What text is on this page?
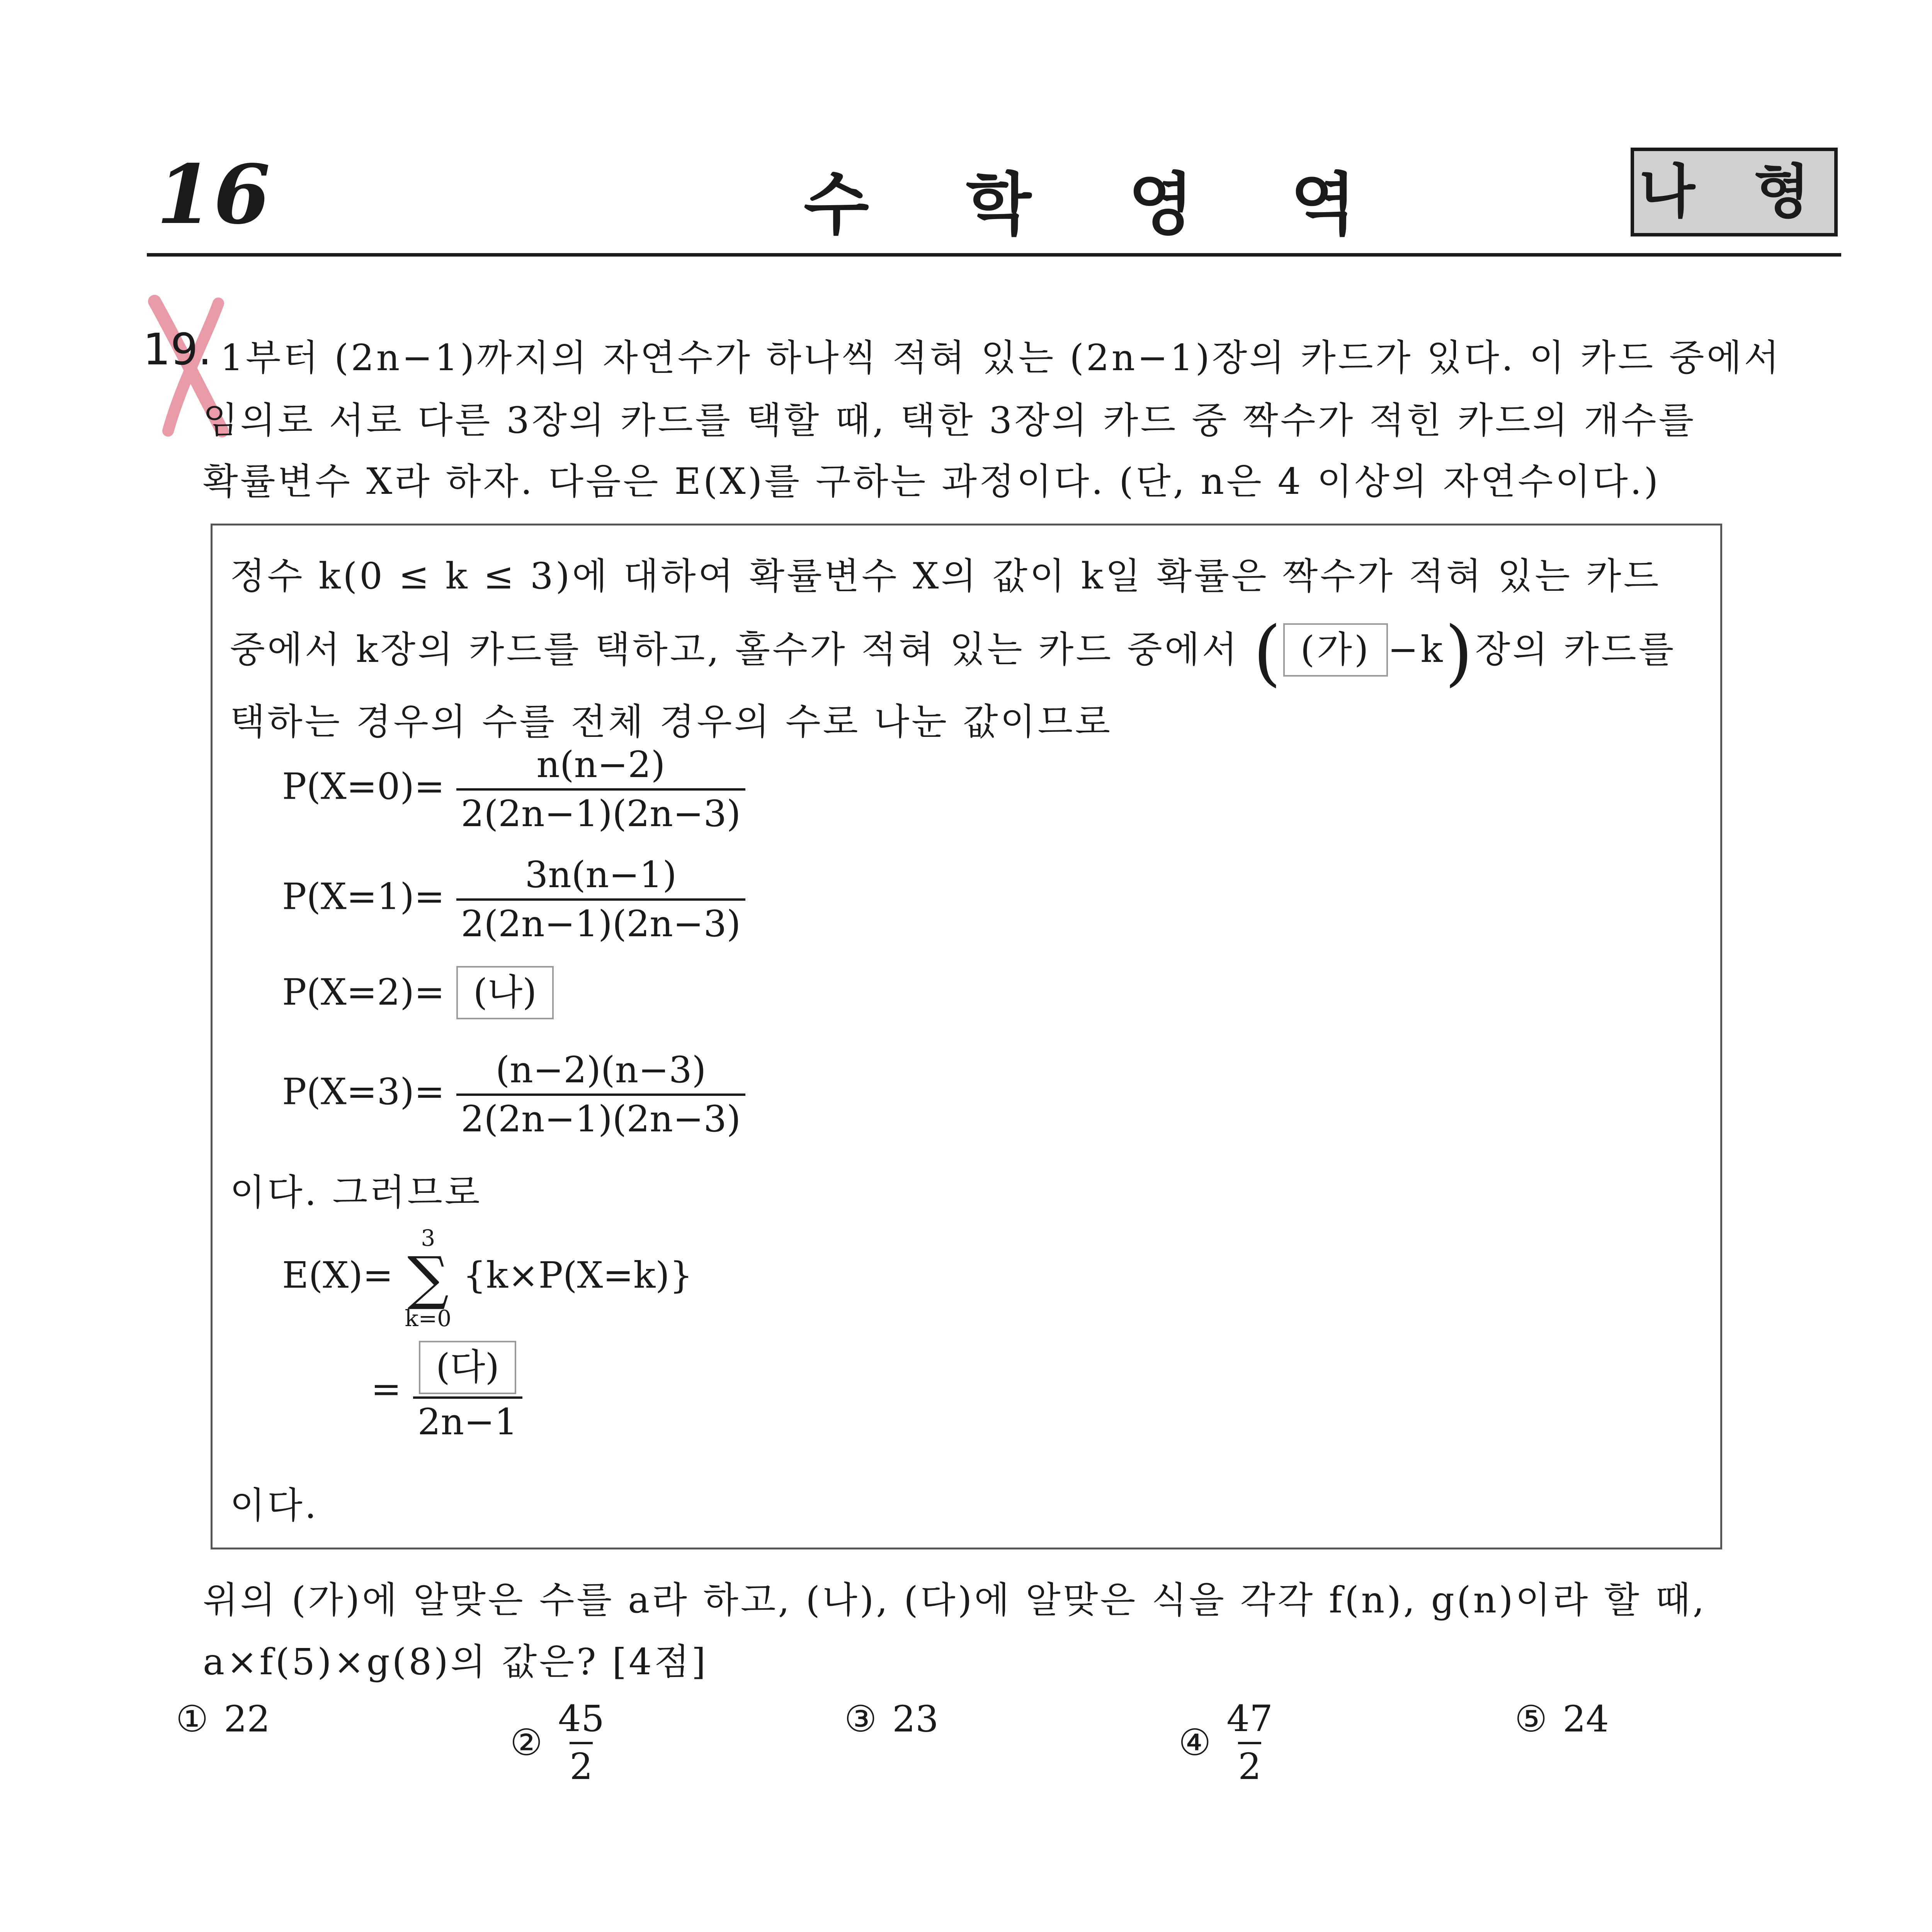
16	수 학 영 역	나 형
19. 1부터 (2n−1)까지의 자연수가 하나씩 적혀 있는 (2n−1)장의 카드가 있다. 이 카드 중에서
임의로 서로 다른 3장의 카드를 택할 때, 택한 3장의 카드 중 짝수가 적힌 카드의 개수를
확률변수 X라 하자. 다음은 E(X)를 구하는 과정이다. (단, n은 4 이상의 자연수이다.)
정수 k(0 ≤ k ≤ 3)에 대하여 확률변수 X의 값이 k일 확률은 짝수가 적혀 있는 카드
중에서 k장의 카드를 택하고, 홀수가 적혀 있는 카드 중에서 ( (가) −k)장의 카드를
택하는 경우의 수를 전체 경우의 수로 나눈 값이므로
$P(X=0)= \frac{n(n-2)}{2(2n-1)(2n-3)}$
$P(X=1)= \frac{3n(n-1)}{2(2n-1)(2n-3)}$
P(X=2)= (나)
$P(X=3)= \frac{(n-2)(n-3)}{2(2n-1)(2n-3)}$
이다. 그러므로
E(X)=
3
∑
k=0
{k×P(X=k)}
= $\frac{\text{(다)}}{2n-1}$
이다.
위의 (가)에 알맞은 수를 a라 하고, (나), (다)에 알맞은 식을 각각 f(n), g(n)이라 할 때,
a×f(5)×g(8)의 값은? [4점]
① 22
② $\frac{45}{2}$	③ 23
④ $\frac{47}{2}$	⑤ 24
